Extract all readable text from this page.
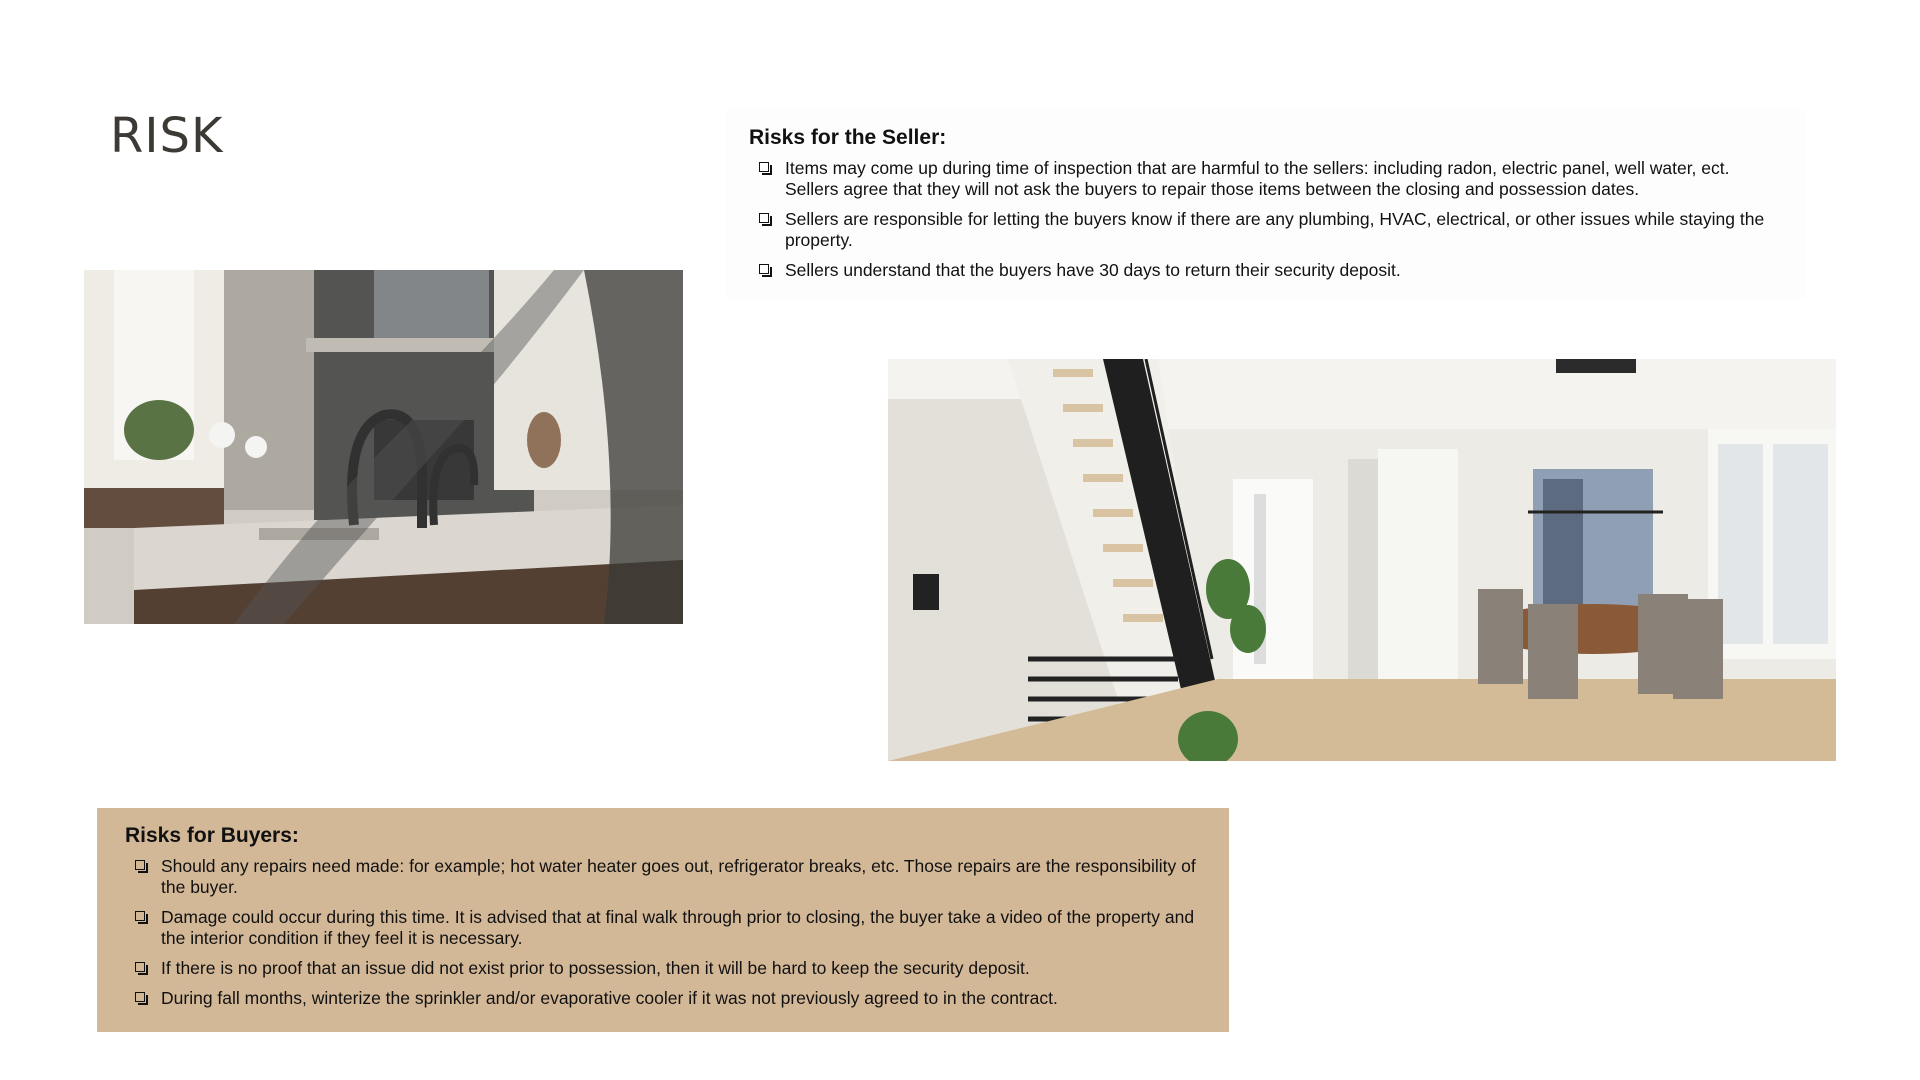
RISK	Risks for the Seller:
Items may come up during time of inspection that are harmful to the sellers: including radon, electric panel, well water, ect. Sellers agree that they will not ask the buyers to repair those items between the closing and possession dates.
Sellers are responsible for letting the buyers know if there are any plumbing, HVAC, electrical, or other issues while staying the property.
Sellers understand that the buyers have 30 days to return their security deposit.
Risks for Buyers:
Should any repairs need made: for example; hot water heater goes out, refrigerator breaks, etc. Those repairs are the responsibility of the buyer.
Damage could occur during this time. It is advised that at final walk through prior to closing, the buyer take a video of the property and the interior condition if they feel it is necessary.
If there is no proof that an issue did not exist prior to possession, then it will be hard to keep the security deposit.
During fall months, winterize the sprinkler and/or evaporative cooler if it was not previously agreed to in the contract.
